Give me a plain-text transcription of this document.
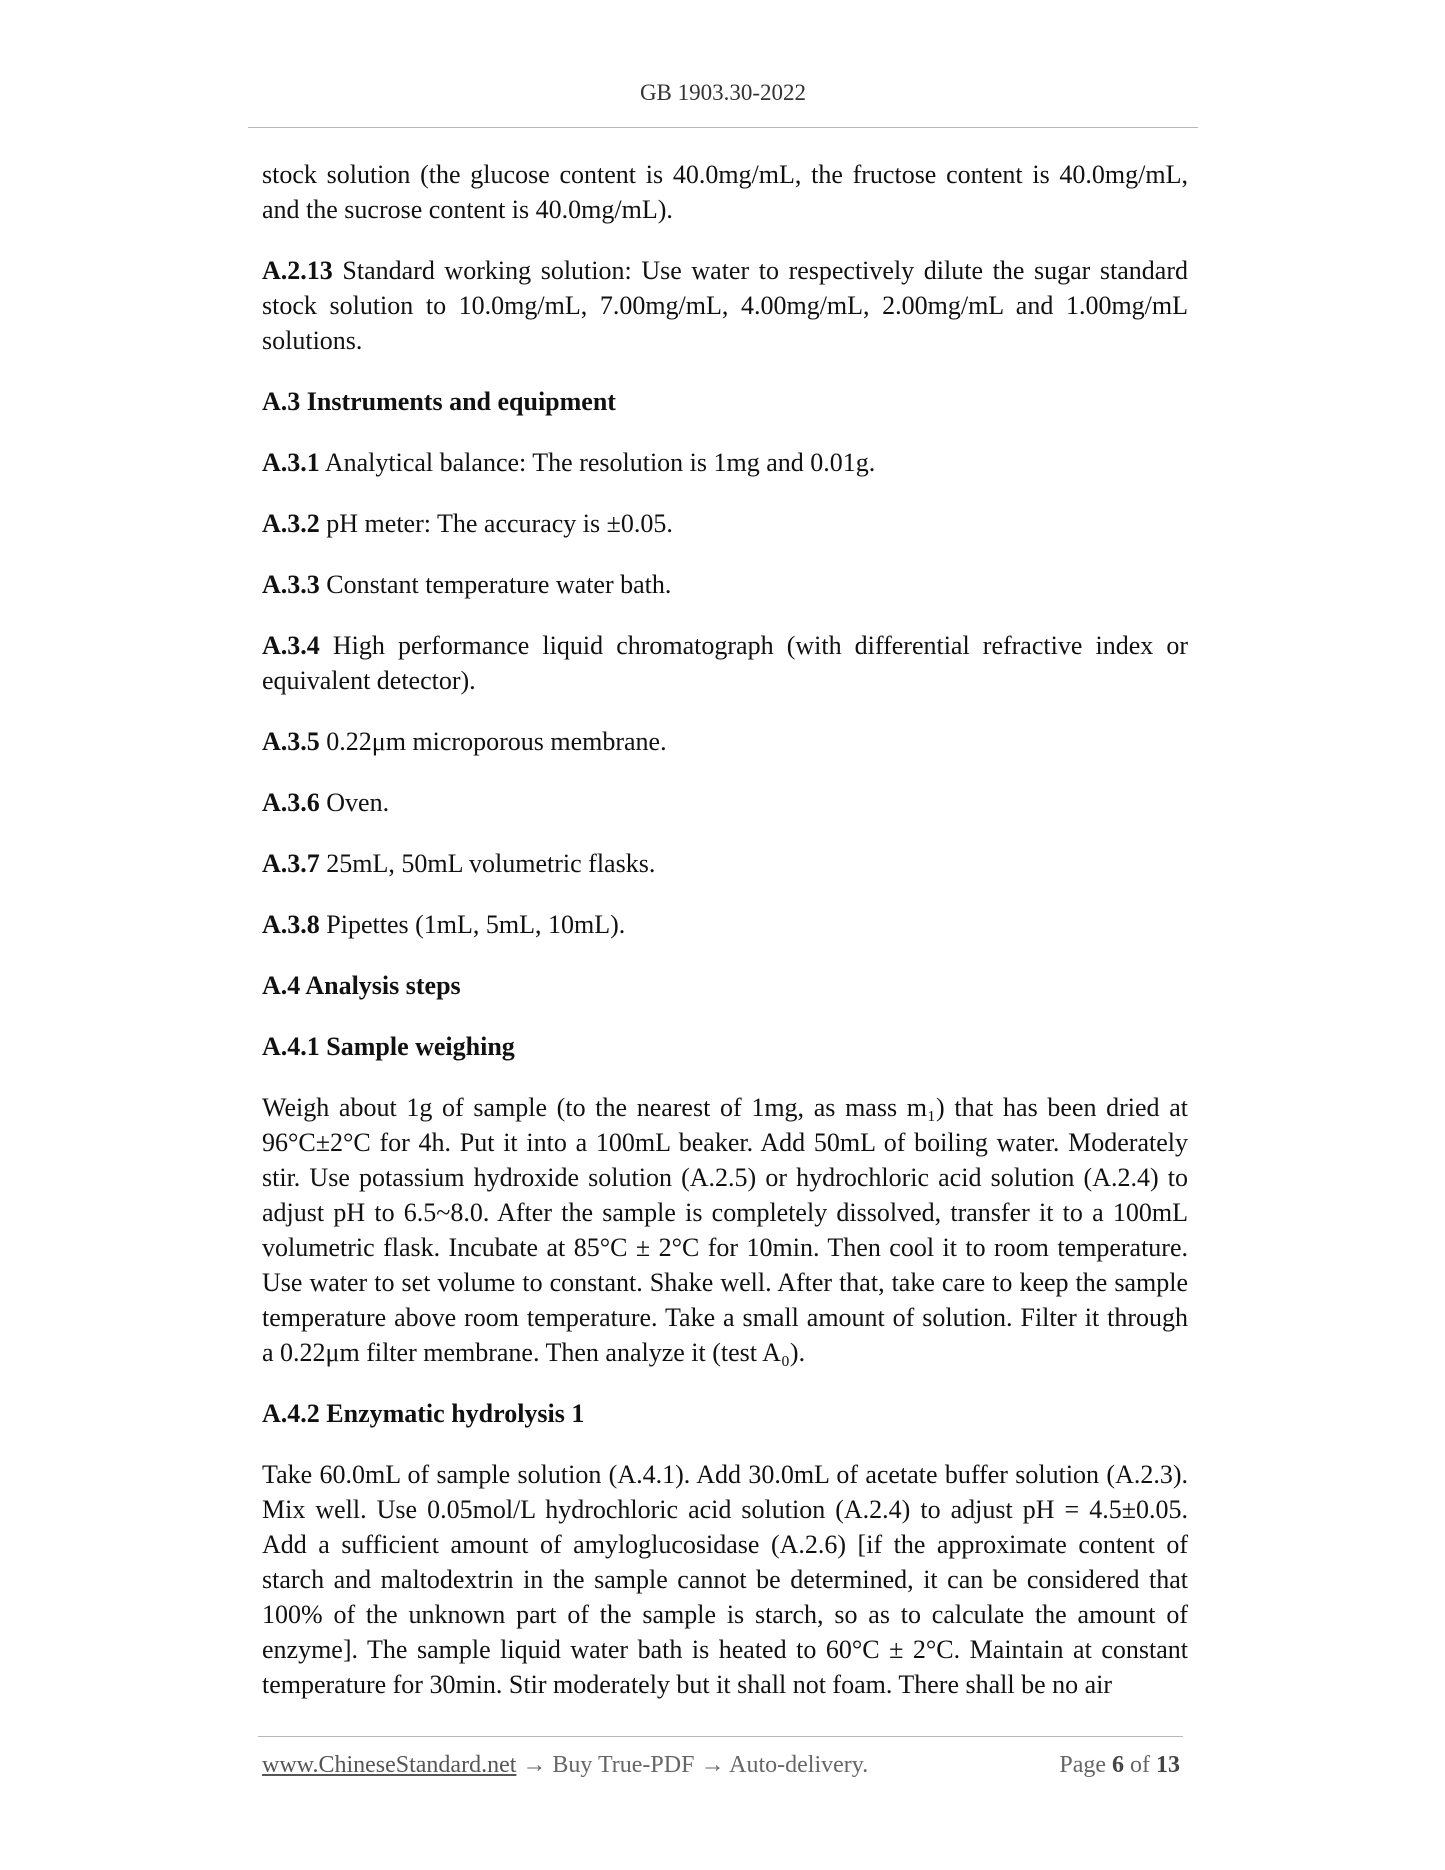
GB 1903.30-2022

stock solution (the glucose content is 40.0mg/mL, the fructose content is 40.0mg/mL, and the sucrose content is 40.0mg/mL).

A.2.13 Standard working solution: Use water to respectively dilute the sugar standard stock solution to 10.0mg/mL, 7.00mg/mL, 4.00mg/mL, 2.00mg/mL and 1.00mg/mL solutions.

A.3 Instruments and equipment

A.3.1 Analytical balance: The resolution is 1mg and 0.01g.

A.3.2 pH meter: The accuracy is ±0.05.

A.3.3 Constant temperature water bath.

A.3.4 High performance liquid chromatograph (with differential refractive index or equivalent detector).

A.3.5 0.22μm microporous membrane.

A.3.6 Oven.

A.3.7 25mL, 50mL volumetric flasks.

A.3.8 Pipettes (1mL, 5mL, 10mL).

A.4 Analysis steps
A.4.1 Sample weighing

Weigh about 1g of sample (to the nearest of 1mg, as mass m₁) that has been dried at 96°C±2°C for 4h. Put it into a 100mL beaker. Add 50mL of boiling water. Moderately stir. Use potassium hydroxide solution (A.2.5) or hydrochloric acid solution (A.2.4) to adjust pH to 6.5~8.0. After the sample is completely dissolved, transfer it to a 100mL volumetric flask. Incubate at 85°C ± 2°C for 10min. Then cool it to room temperature. Use water to set volume to constant. Shake well. After that, take care to keep the sample temperature above room temperature. Take a small amount of solution. Filter it through a 0.22μm filter membrane. Then analyze it (test A₀).

A.4.2 Enzymatic hydrolysis 1

Take 60.0mL of sample solution (A.4.1). Add 30.0mL of acetate buffer solution (A.2.3). Mix well. Use 0.05mol/L hydrochloric acid solution (A.2.4) to adjust pH = 4.5±0.05. Add a sufficient amount of amyloglucosidase (A.2.6) [if the approximate content of starch and maltodextrin in the sample cannot be determined, it can be considered that 100% of the unknown part of the sample is starch, so as to calculate the amount of enzyme]. The sample liquid water bath is heated to 60°C ± 2°C. Maintain at constant temperature for 30min. Stir moderately but it shall not foam. There shall be no air

www.ChineseStandard.net → Buy True-PDF → Auto-delivery.	Page 6 of 13
